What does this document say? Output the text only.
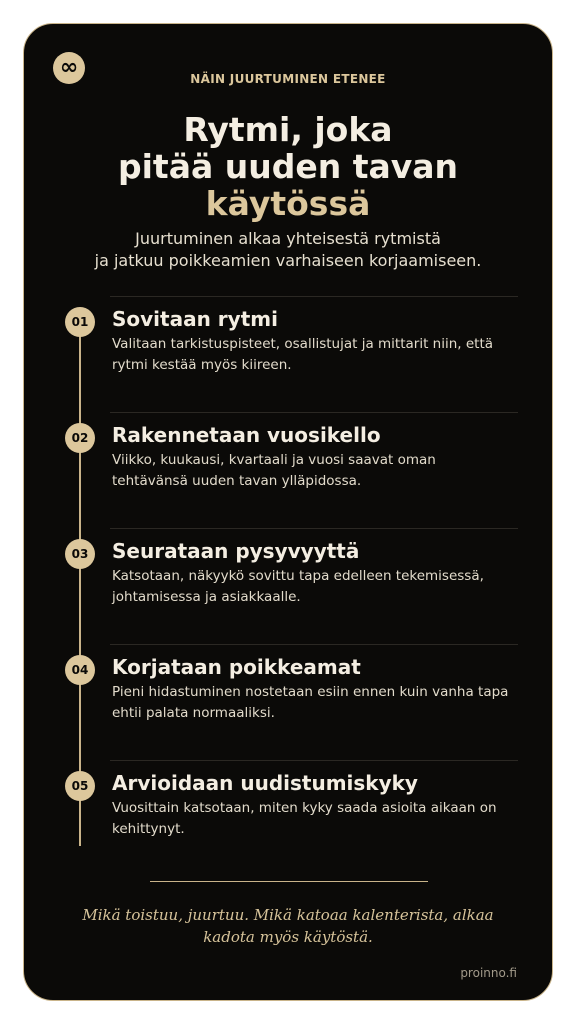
∞	NÄIN JUURTUMINEN ETENEE
Rytmi, joka
pitää uuden tavan
käytössä
Juurtuminen alkaa yhteisestä rytmistä
ja jatkuu poikkeamien varhaiseen korjaamiseen.
01	Sovitaan rytmi
Valitaan tarkistuspisteet, osallistujat ja mittarit niin, että rytmi kestää myös kiireen.
02	Rakennetaan vuosikello
Viikko, kuukausi, kvartaali ja vuosi saavat oman tehtävänsä uuden tavan ylläpidossa.
03	Seurataan pysyvyyttä
Katsotaan, näkyykö sovittu tapa edelleen tekemisessä, johtamisessa ja asiakkaalle.
04	Korjataan poikkeamat
Pieni hidastuminen nostetaan esiin ennen kuin vanha tapa ehtii palata normaaliksi.
05	Arvioidaan uudistumiskyky
Vuosittain katsotaan, miten kyky saada asioita aikaan on kehittynyt.
Mikä toistuu, juurtuu. Mikä katoaa kalenterista, alkaa
kadota myös käytöstä.
proinno.fi
